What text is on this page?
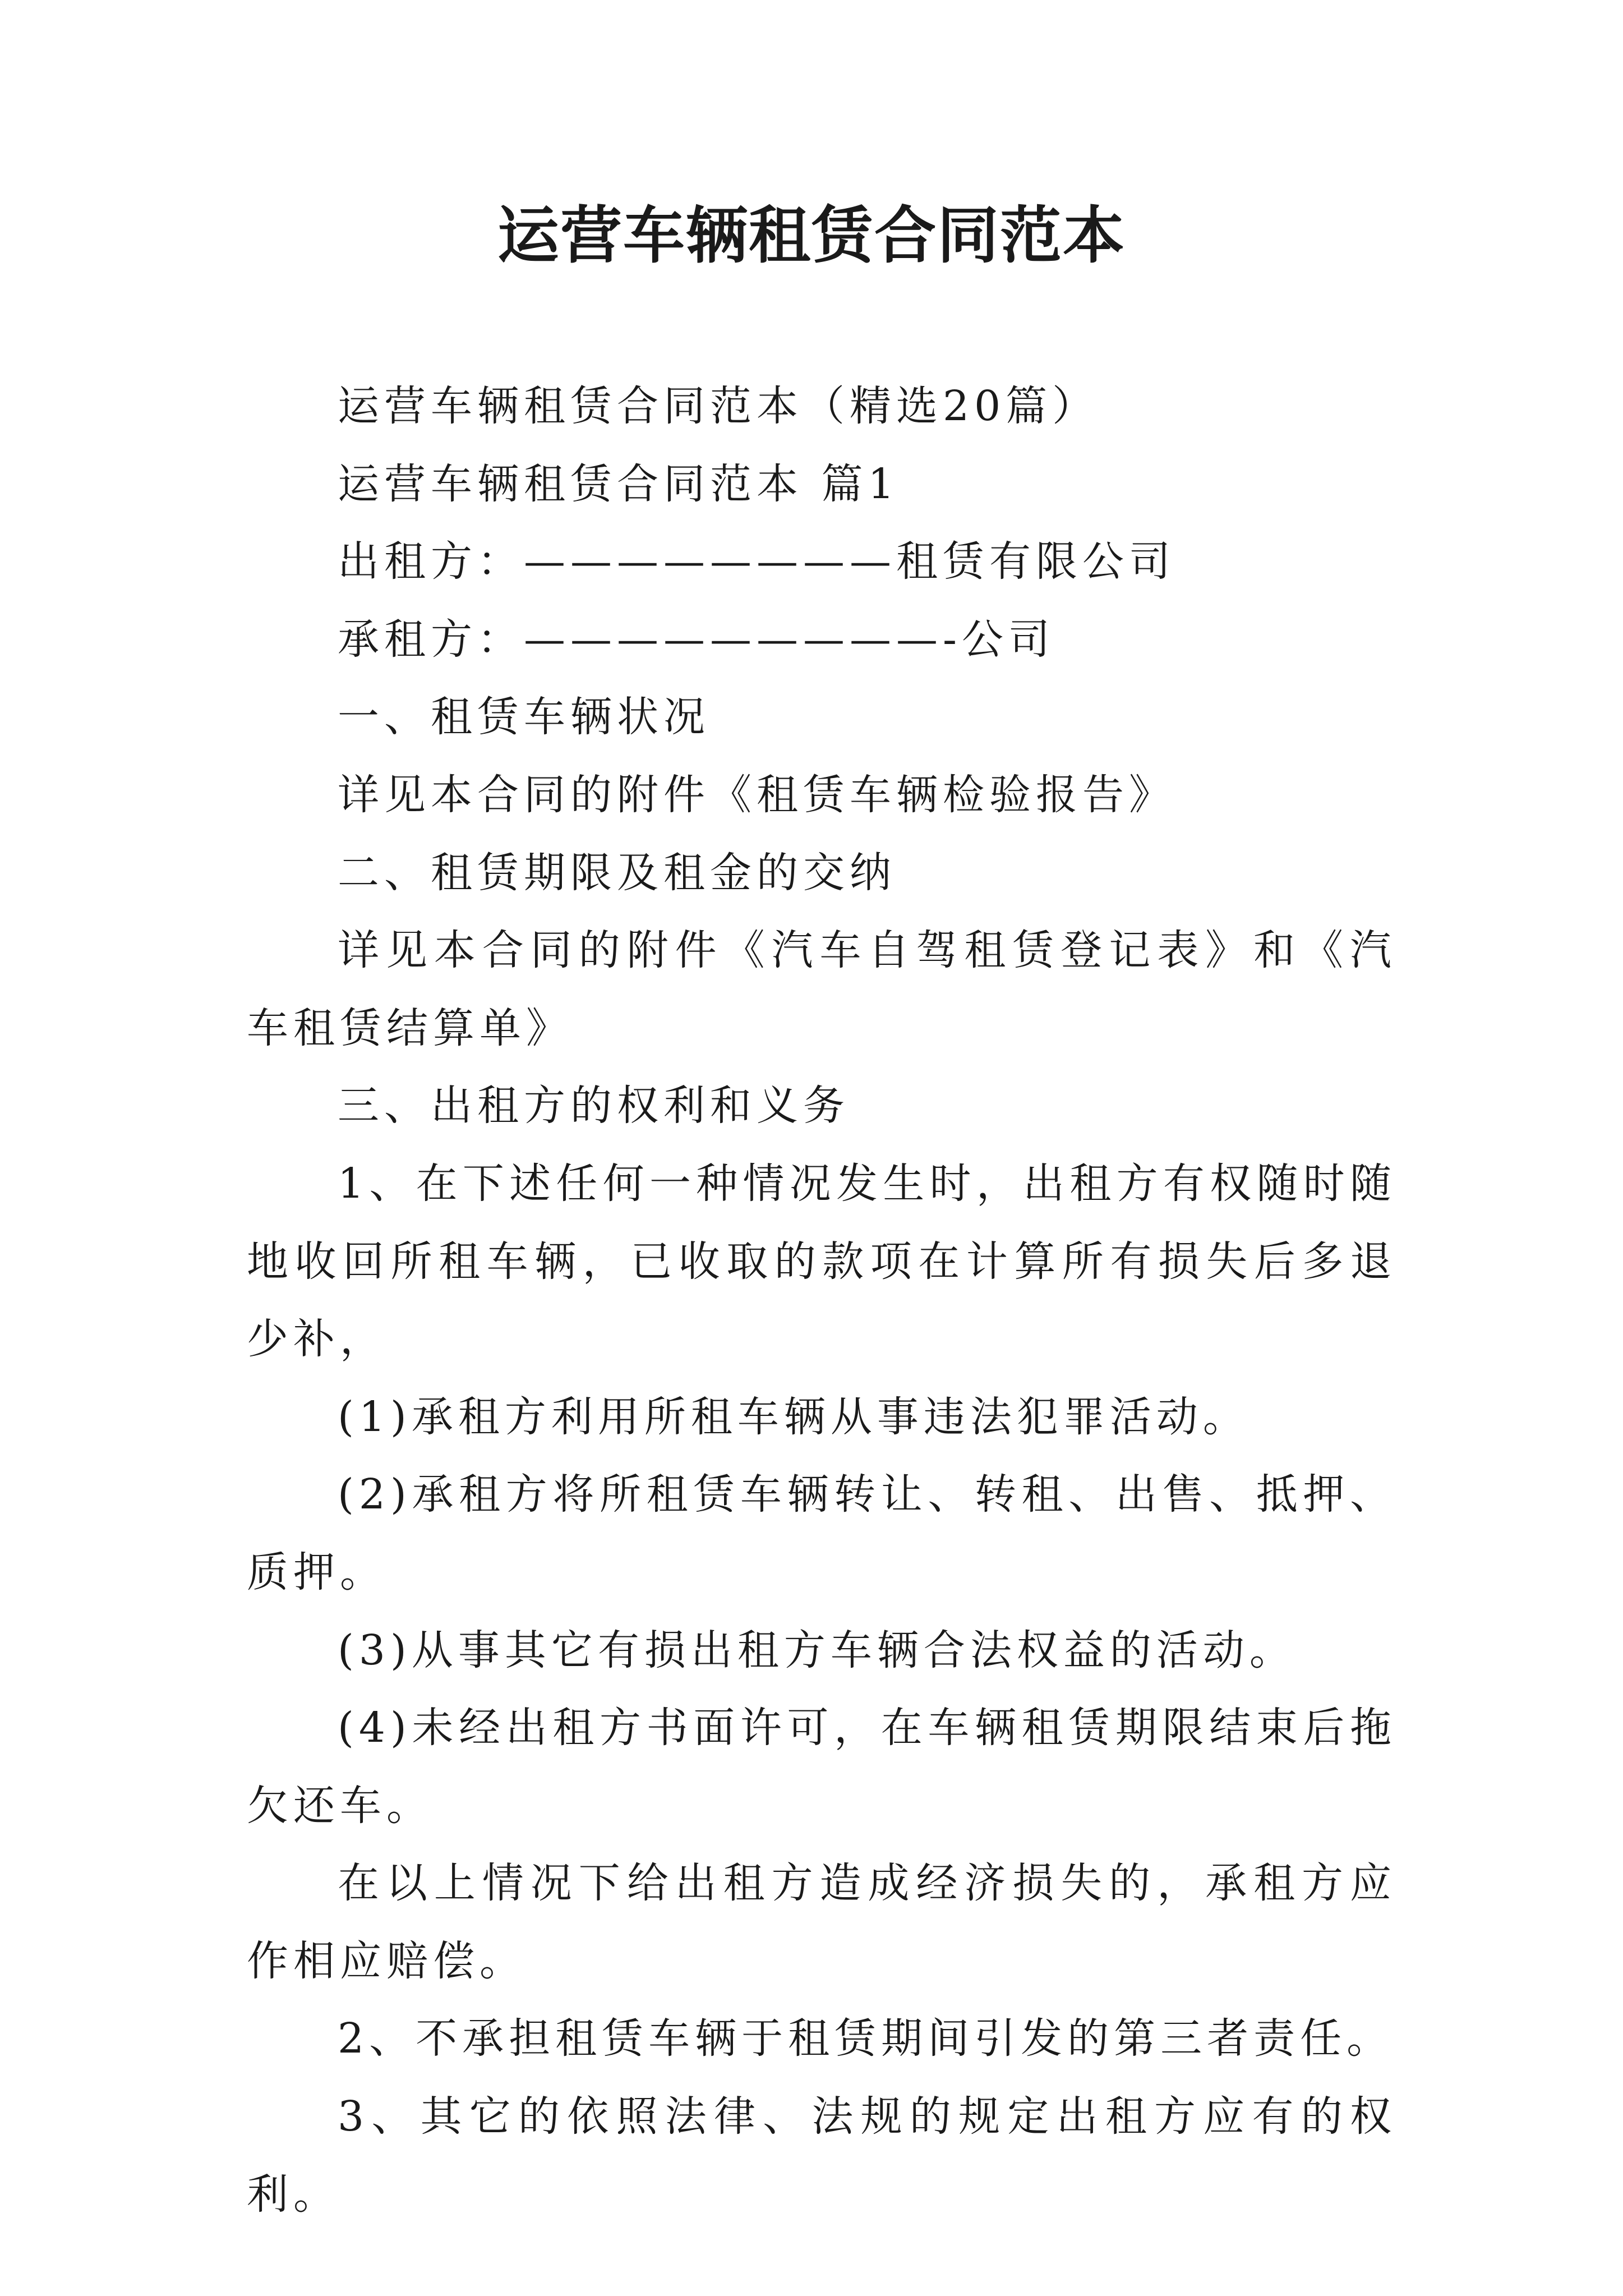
运营车辆租赁合同范本

运营车辆租赁合同范本（精选20篇）

运营车辆租赁合同范本 篇1

出租方：————————租赁有限公司

承租方：—————————-公司

一、租赁车辆状况

详见本合同的附件《租赁车辆检验报告》

二、租赁期限及租金的交纳

详见本合同的附件《汽车自驾租赁登记表》和《汽车租赁结算单》

三、出租方的权利和义务

1、在下述任何一种情况发生时，出租方有权随时随地收回所租车辆，已收取的款项在计算所有损失后多退少补，

(1)承租方利用所租车辆从事违法犯罪活动。

(2)承租方将所租赁车辆转让、转租、出售、抵押、质押。

(3)从事其它有损出租方车辆合法权益的活动。

(4)未经出租方书面许可，在车辆租赁期限结束后拖欠还车。

在以上情况下给出租方造成经济损失的，承租方应作相应赔偿。

2、不承担租赁车辆于租赁期间引发的第三者责任。

3、其它的依照法律、法规的规定出租方应有的权利。
